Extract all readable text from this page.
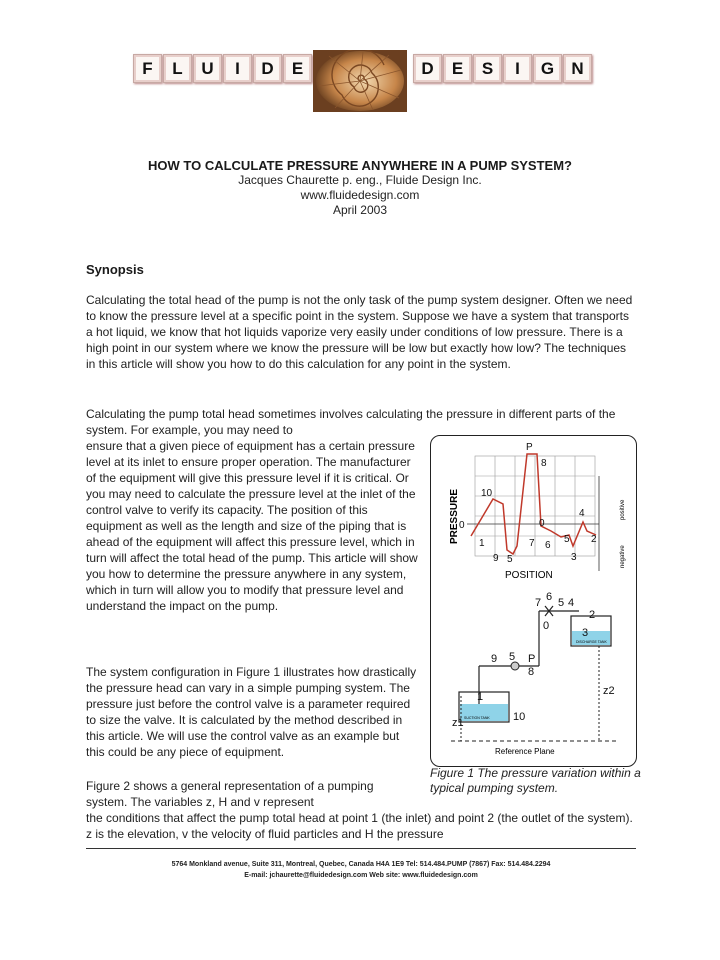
F	L	U	I	D	E	D	E	S	I	G	N
HOW TO CALCULATE PRESSURE ANYWHERE IN A PUMP SYSTEM?
Jacques Chaurette p. eng., Fluide Design Inc.
www.fluidedesign.com
April 2003
Synopsis

Calculating the total head of the pump is not the only task of the pump system designer. Often we need to know the pressure level at a specific point in the system. Suppose we have a system that transports a hot liquid, we know that hot liquids vaporize very easily under conditions of low pressure. There is a high point in our system where we know the pressure will be low but exactly how low? The techniques in this article will show you how to do this calculation for any point in the system.

Calculating the pump total head sometimes involves calculating the pressure in different parts of the system. For example, you may need to

ensure that a given piece of equipment has a certain pressure level at its inlet to ensure proper operation. The manufacturer of the equipment will give this pressure level if it is critical. Or you may need to calculate the pressure level at the inlet of the control valve to verify its capacity. The position of this equipment as well as the length and size of the piping that is ahead of the equipment will affect this pressure level, which in turn will affect the total head of the pump. This article will show you how to determine the pressure anywhere in any system, which in turn will allow you to modify that pressure level and understand the impact on the pump.

The system configuration in Figure 1 illustrates how drastically the pressure head can vary in a simple pumping system. The pressure just before the control valve is a parameter required to size the valve. It is calculated by the method described in this article. We will use the control valve as an example but this could be any piece of equipment.

Figure 2 shows a general representation of a pumping system. The variables z, H and v represent

the conditions that affect the pump total head at point 1 (the inlet) and point 2 (the outlet of the system). z is the elevation, v the velocity of fluid particles and H the pressure

P
8
10
4
0	0
7 6
5 2
1
9 5	3
PRESSURE
POSITION
positive
negative
7 6 5 4
2
0
3
9 5 P
8
1
10
z1
z2
Reference Plane
SUCTION TANK
DISCHARGE TANK
Figure 1 The pressure variation within a typical pumping system.
5764 Monkland avenue, Suite 311, Montreal, Quebec, Canada H4A 1E9 Tel: 514.484.PUMP (7867) Fax: 514.484.2294
E-mail: jchaurette@fluidedesign.com Web site: www.fluidedesign.com
